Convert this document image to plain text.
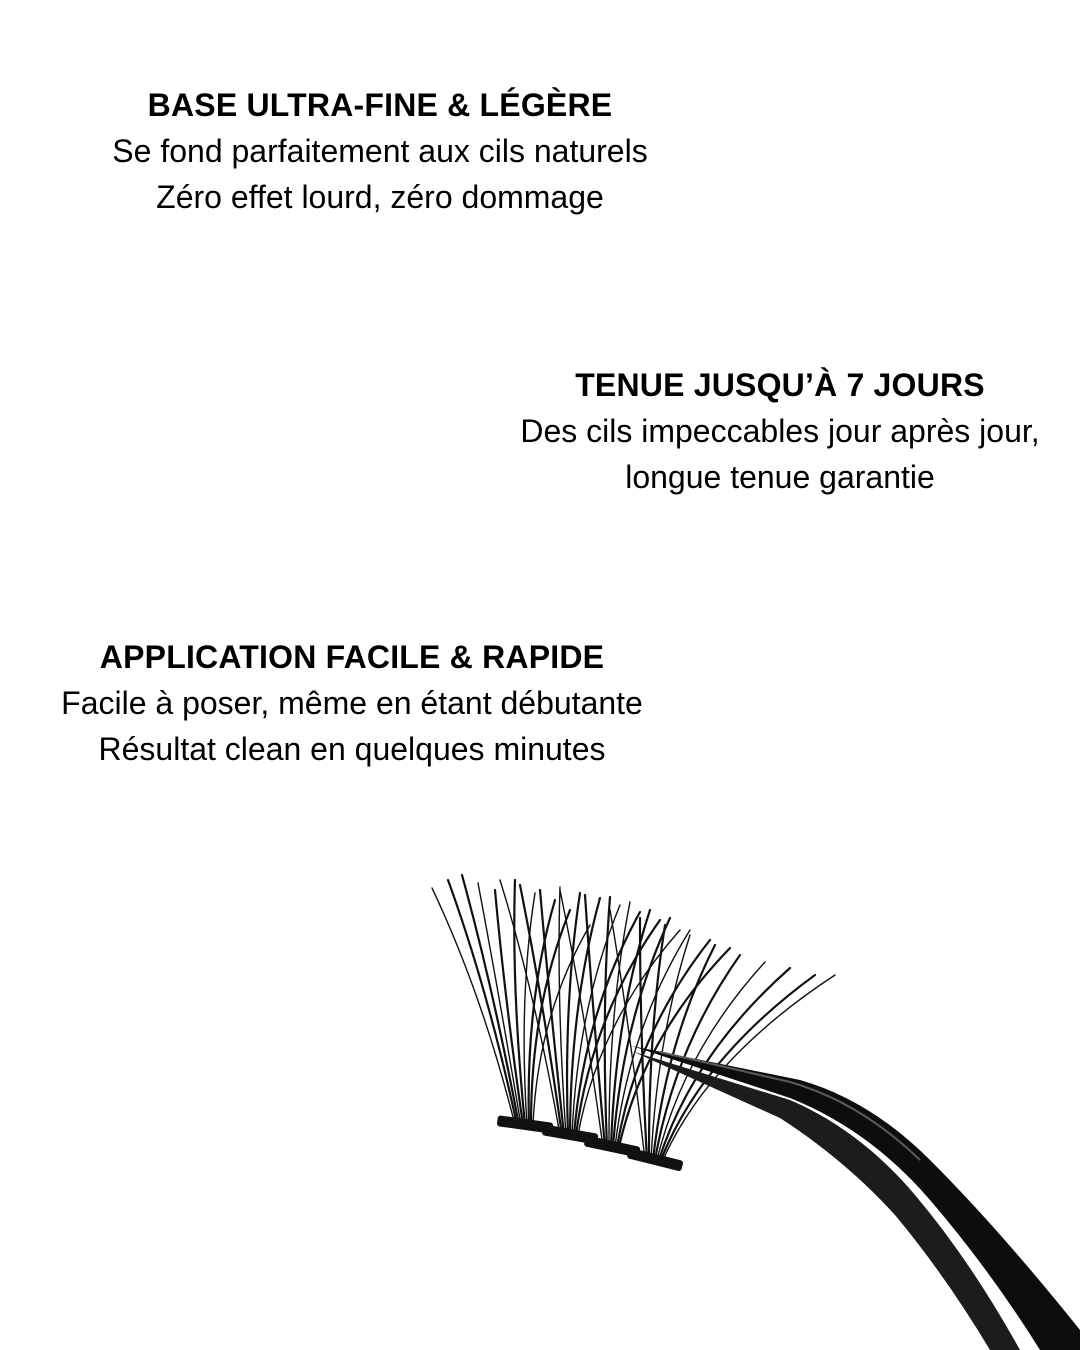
BASE ULTRA-FINE & LÉGÈRE
Se fond parfaitement aux cils naturels
Zéro effet lourd, zéro dommage
TENUE JUSQU’À 7 JOURS
Des cils impeccables jour après jour,
longue tenue garantie
APPLICATION FACILE & RAPIDE
Facile à poser, même en étant débutante
Résultat clean en quelques minutes
